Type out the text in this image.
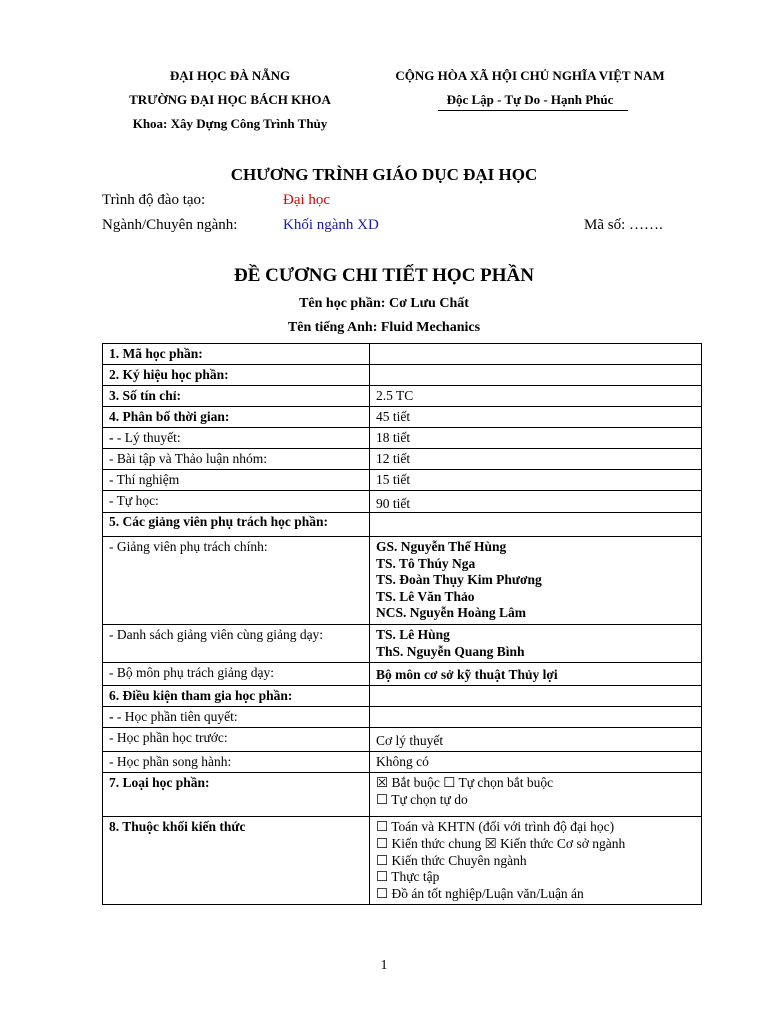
ĐẠI HỌC ĐÀ NẴNG
TRƯỜNG ĐẠI HỌC BÁCH KHOA
Khoa: Xây Dựng Công Trình Thủy
CỘNG HÒA XÃ HỘI CHỦ NGHĨA VIỆT NAM
Độc Lập - Tự Do - Hạnh Phúc
CHƯƠNG TRÌNH GIÁO DỤC ĐẠI HỌC
Trình độ đào tạo:	Đại học
Ngành/Chuyên ngành:	Khối ngành XD	Mã số: …….
ĐỀ CƯƠNG CHI TIẾT HỌC PHẦN
Tên học phần: Cơ Lưu Chất
Tên tiếng Anh: Fluid Mechanics
1. Mã học phần:	
2. Ký hiệu học phần:	
3. Số tín chỉ:	2.5 TC
4. Phân bố thời gian:	45 tiết
- - Lý thuyết:	18 tiết
- Bài tập và Thảo luận nhóm:	12 tiết
- Thí nghiệm	15 tiết
- Tự học:	90 tiết
5. Các giảng viên phụ trách học phần:	
- Giảng viên phụ trách chính:	GS. Nguyễn Thế Hùng
TS. Tô Thúy Nga
TS. Đoàn Thụy Kim Phương
TS. Lê Văn Thảo
NCS. Nguyễn Hoàng Lâm

- Danh sách giảng viên cùng giảng dạy:	TS. Lê Hùng
ThS. Nguyễn Quang Bình

- Bộ môn phụ trách giảng dạy:	Bộ môn cơ sở kỹ thuật Thủy lợi
6. Điều kiện tham gia học phần:	
- - Học phần tiên quyết:	
- Học phần học trước:	Cơ lý thuyết
- Học phần song hành:	Không có
7. Loại học phần:	☒ Bắt buộc ☐ Tự chọn bắt buộc
☐ Tự chọn tự do

8. Thuộc khối kiến thức	☐ Toán và KHTN (đối với trình độ đại học)
☐ Kiến thức chung ☒ Kiến thức Cơ sở ngành
☐ Kiến thức Chuyên ngành
☐ Thực tập
☐ Đồ án tốt nghiệp/Luận văn/Luận án
1
